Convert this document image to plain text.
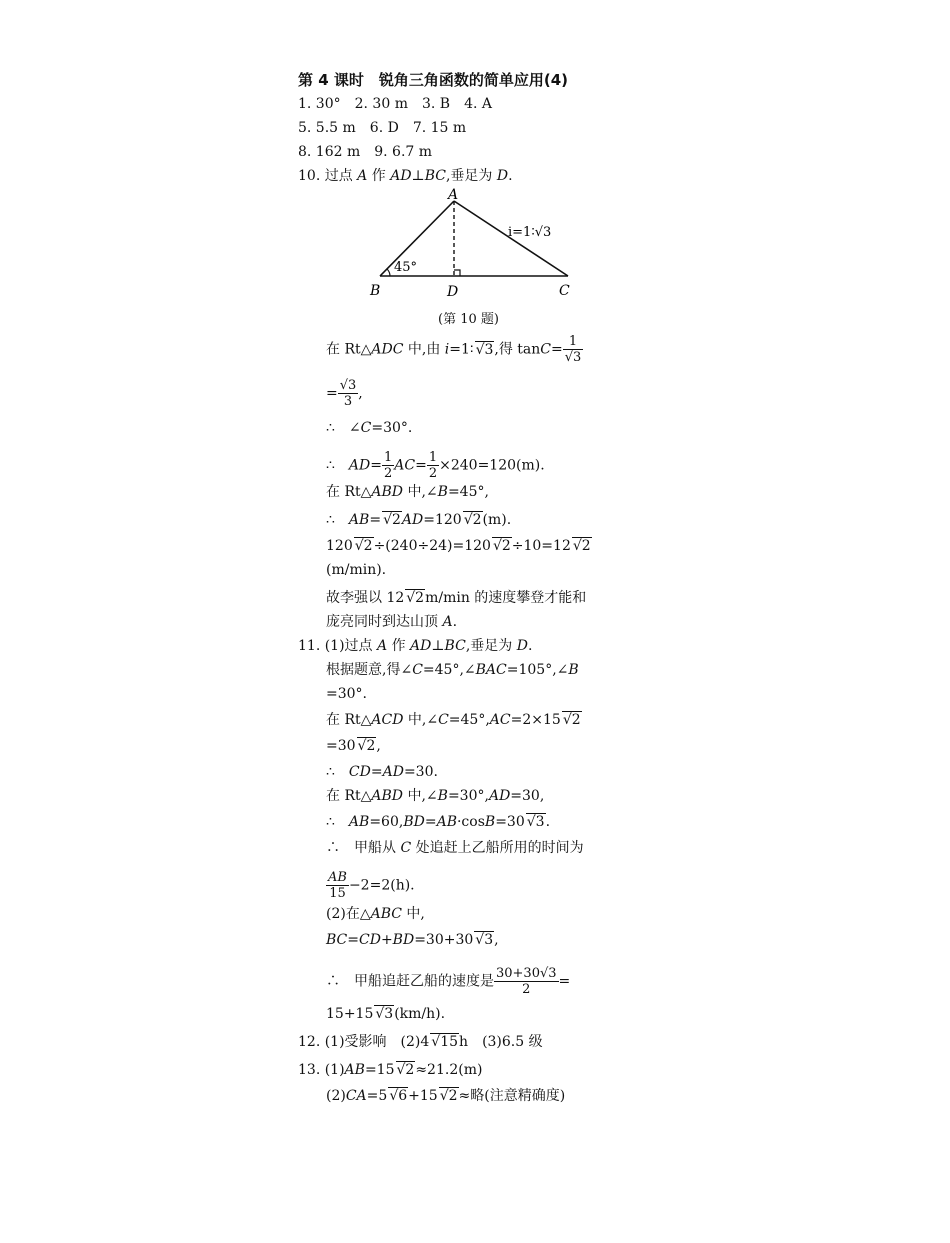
第 4 课时　锐角三角函数的简单应用(4)
1. 30°　2. 30 m　3. B　4. A
5. 5.5 m　6. D　7. 15 m
8. 162 m　9. 6.7 m
10. 过点 A 作 AD⊥BC,垂足为 D.
A
B	D	C
45°
i=1∶√3
(第 10 题)
在 Rt△ADC 中,由 i=1∶ √3,得 $\tan C= \frac{1}{√3}$
= $\frac{√3}{3}$ ,
∴　∠C=30°.
∴　$AD= \frac{1}{2} AC= \frac{1}{2} \times 240=120(m)$.
在 Rt△ABD 中,∠B=45°,
∴　AB= √2AD=120 √2(m).
120 √2÷(240÷24)=120 √2÷10=12 √2
(m/min).
故李强以 12 √2m/min 的速度攀登才能和
庞亮同时到达山顶 A.
11. (1)过点 A 作 AD⊥BC,垂足为 D.
根据题意,得∠C=45°,∠BAC=105°,∠B
=30°.
在 Rt△ACD 中,∠C=45°,AC=2×15 √2
=30 √2,
∴　CD=AD=30.
在 Rt△ABD 中,∠B=30°,AD=30,
∴　AB=60,BD=AB·cosB=30 √3.
∴　甲船从 C 处追赶上乙船所用的时间为
$\frac{AB}{15} -2=2(h)$.
(2)在△ABC 中,
BC=CD+BD=30+30 √3,
∴　甲船追赶乙船的速度是 $\frac{30+30√3}{2}$ =
15+15 √3(km/h).
12. (1)受影响　(2)4 √15h　(3)6.5 级
13. (1)AB=15 √2≈21.2(m)
(2)CA=5 √6+15 √2≈略(注意精确度)
